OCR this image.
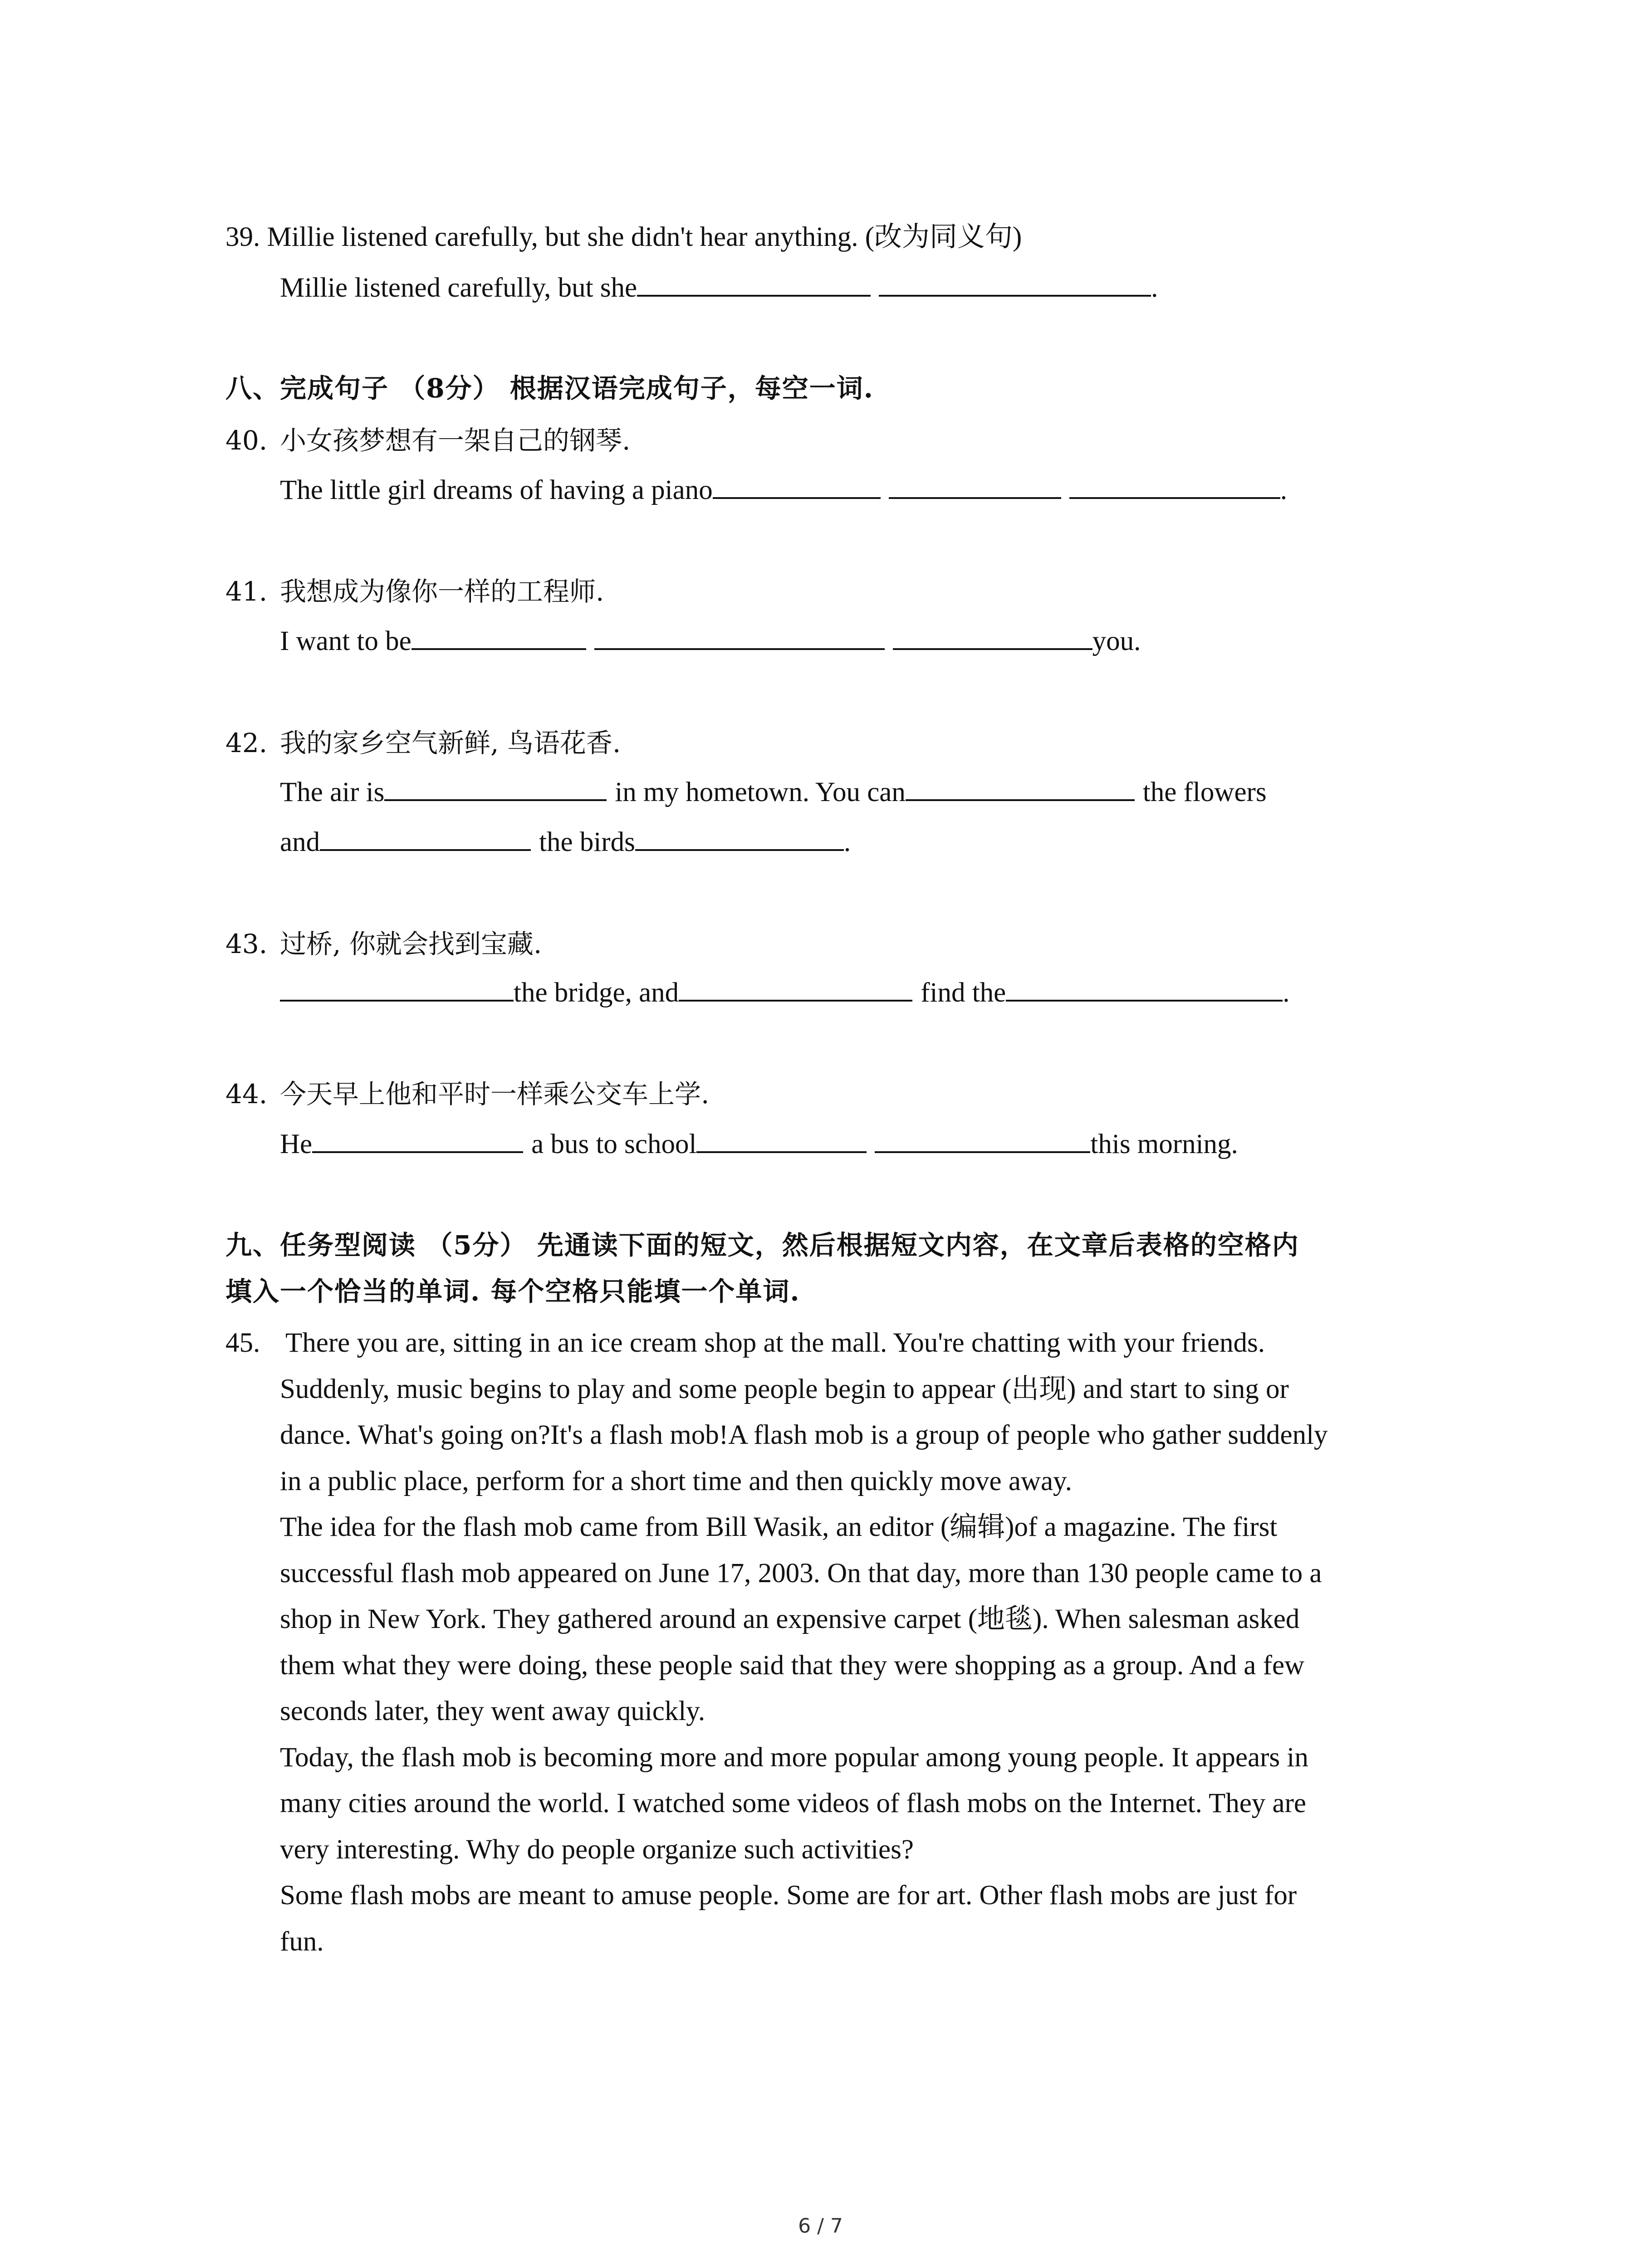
39. Millie listened carefully, but she didn't hear anything. (改为同义句)
Millie listened carefully, but she	.
八、完成句子 （8分） 根据汉语完成句子，每空一词.
40. 小女孩梦想有一架自己的钢琴.
The little girl dreams of having a piano	.
41. 我想成为像你一样的工程师.
I want to be	you.
42. 我的家乡空气新鲜, 鸟语花香.
The air is	in my hometown. You can	the flowers
and	the birds	.
43. 过桥, 你就会找到宝藏.
the bridge, and	find the	.
44. 今天早上他和平时一样乘公交车上学.
He	a bus to school	this morning.
九、任务型阅读 （5分） 先通读下面的短文，然后根据短文内容，在文章后表格的空格内
填入一个恰当的单词. 每个空格只能填一个单词.
45. There you are, sitting in an ice cream shop at the mall. You're chatting with your friends.

Suddenly, music begins to play and some people begin to appear (出现) and start to sing or

dance. What's going on?It's a flash mob!A flash mob is a group of people who gather suddenly

in a public place, perform for a short time and then quickly move away.

The idea for the flash mob came from Bill Wasik, an editor (编辑)of a magazine. The first

successful flash mob appeared on June 17, 2003. On that day, more than 130 people came to a

shop in New York. They gathered around an expensive carpet (地毯). When salesman asked

them what they were doing, these people said that they were shopping as a group. And a few

seconds later, they went away quickly.

Today, the flash mob is becoming more and more popular among young people. It appears in

many cities around the world. I watched some videos of flash mobs on the Internet. They are

very interesting. Why do people organize such activities?

Some flash mobs are meant to amuse people. Some are for art. Other flash mobs are just for

fun.

6 / 7
